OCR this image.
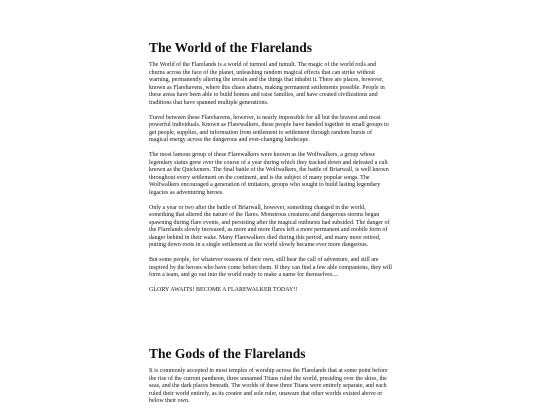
The World of the Flarelands

The World of the Flarelands is a world of turmoil and tumult. The magic of the world roils and churns across the face of the planet, unleashing random magical effects that can strike without warning, permanently altering the terrain and the things that inhabit it. There are places, however, known as Flarehavens, where this chaos abates, making permanent settlements possible. People in these areas have been able to build homes and raise families, and have created civilizations and traditions that have spanned multiple generations.

Travel between these Flarehavens, however, is nearly impossible for all but the bravest and most powerful individuals. Known as Flarewalkers, these people have banded together in small groups to get people, supplies, and information from settlement to settlement through random bursts of magical energy across the dangerous and ever-changing landscape.

The most famous group of these Flarewalkers were known as the Wolfwalkers, a group whose legendary status grew over the course of a year during which they tracked down and defeated a cult known as the Quickeners. The final battle of the Wolfwalkers, the battle of Briarwall, is well known throughout every settlement on the continent, and is the subject of many popular songs. The Wolfwalkers encouraged a generation of imitators, groups who sought to build lasting legendary legacies as adventuring heroes.

Only a year or two after the battle of Briarwall, however, something changed in the world, something that altered the nature of the flares. Monstrous creatures and dangerous storms began spawning during flare events, and persisting after the magical outbursts had subsided. The danger of the Flarelands slowly increased, as more and more flares left a more permanent and mobile form of danger behind in their wake. Many Flarewalkers died during this period, and many more retired, putting down roots in a single settlement as the world slowly became ever more dangerous.

But some people, for whatever reasons of their own, still hear the call of adventure, and still are inspired by the heroes who have come before them. If they can find a few able companions, they will form a team, and go out into the world ready to make a name for themselves....

GLORY AWAITS! BECOME A FLAREWALKER TODAY!!

The Gods of the Flarelands

It is commonly accepted in most temples of worship across the Flarelands that at some point before the rise of the current pantheon, three unnamed Titans ruled the world, presiding over the skies, the seas, and the dark places beneath. The worlds of these three Titans were entirely separate, and each ruled their world entirely, as its creator and sole ruler, unaware that other worlds existed above or below their own.
